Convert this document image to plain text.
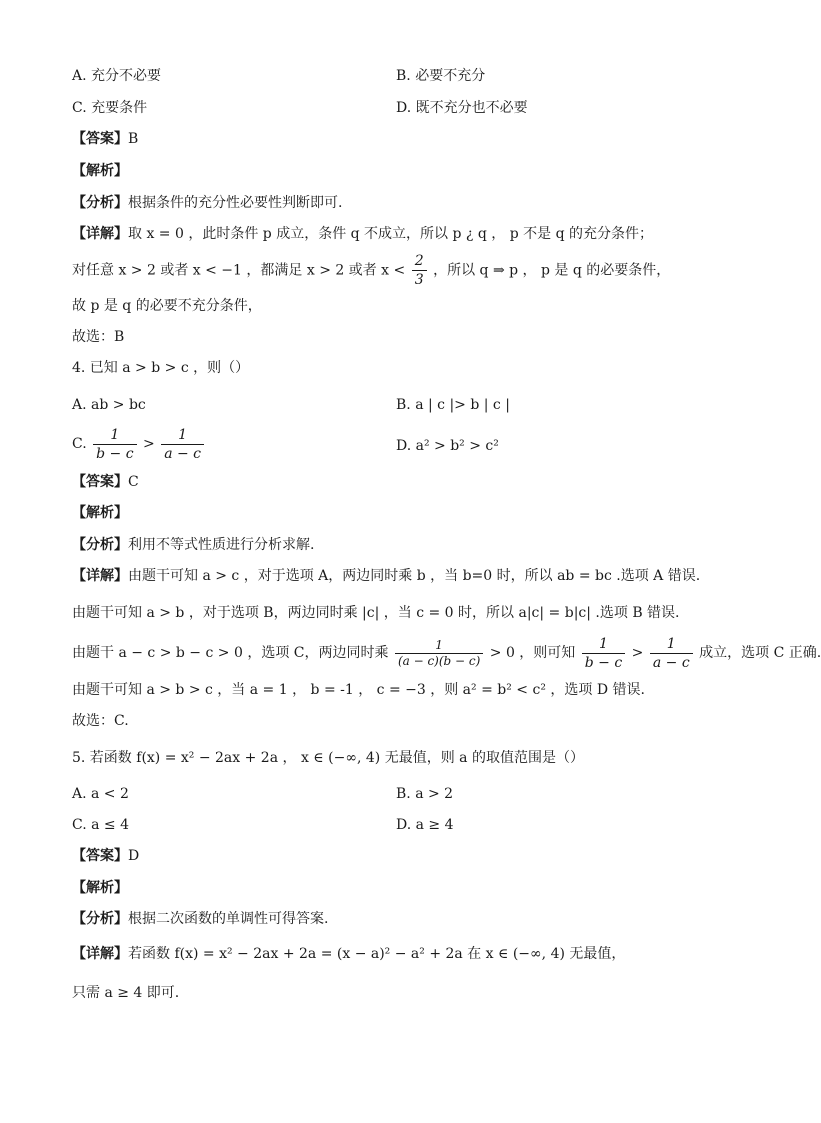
A. 充分不必要	B. 必要不充分
C. 充要条件	D. 既不充分也不必要
【答案】B
【解析】
【分析】根据条件的充分性必要性判断即可.
【详解】取 x = 0 ，此时条件 p 成立，条件 q 不成立，所以 p ¿ q ， p 不是 q 的充分条件；
对任意 x > 2 或者 x < −1 ，都满足 x > 2 或者 $x < \frac{2}{3}$ ，所以 q ⇒ p ， p 是 q 的必要条件，
故 p 是 q 的必要不充分条件，
故选：B
4. 已知 a > b > c ，则（）
A. ab > bc	B. a | c |> b | c |
C. $\frac{1}{b - c} > \frac{1}{a - c}$	D. a² > b² > c²
【答案】C
【解析】
【分析】利用不等式性质进行分析求解.
【详解】由题干可知 a > c ，对于选项 A，两边同时乘 b ，当 b=0 时，所以 ab = bc .选项 A 错误.
由题干可知 a > b ，对于选项 B，两边同时乘 |c| ，当 c = 0 时，所以 a|c| = b|c| .选项 B 错误.
由题干 a − c > b − c > 0 ，选项 C，两边同时乘 $\frac{1}{(a - c)(b - c)} > 0$ ，则可知 $\frac{1}{b - c} > \frac{1}{a - c}$ 成立，选项 C 正确.
由题干可知 a > b > c ，当 a = 1 ， b = -1 ， c = −3 ，则 a² = b² < c² ，选项 D 错误.
故选：C.
5. 若函数 f(x) = x² − 2ax + 2a ， x ∈ (−∞, 4) 无最值，则 a 的取值范围是（）
A. a < 2	B. a > 2
C. a ≤ 4	D. a ≥ 4
【答案】D
【解析】
【分析】根据二次函数的单调性可得答案.
【详解】若函数 f(x) = x² − 2ax + 2a = (x − a)² − a² + 2a 在 x ∈ (−∞, 4) 无最值，
只需 a ≥ 4 即可.
